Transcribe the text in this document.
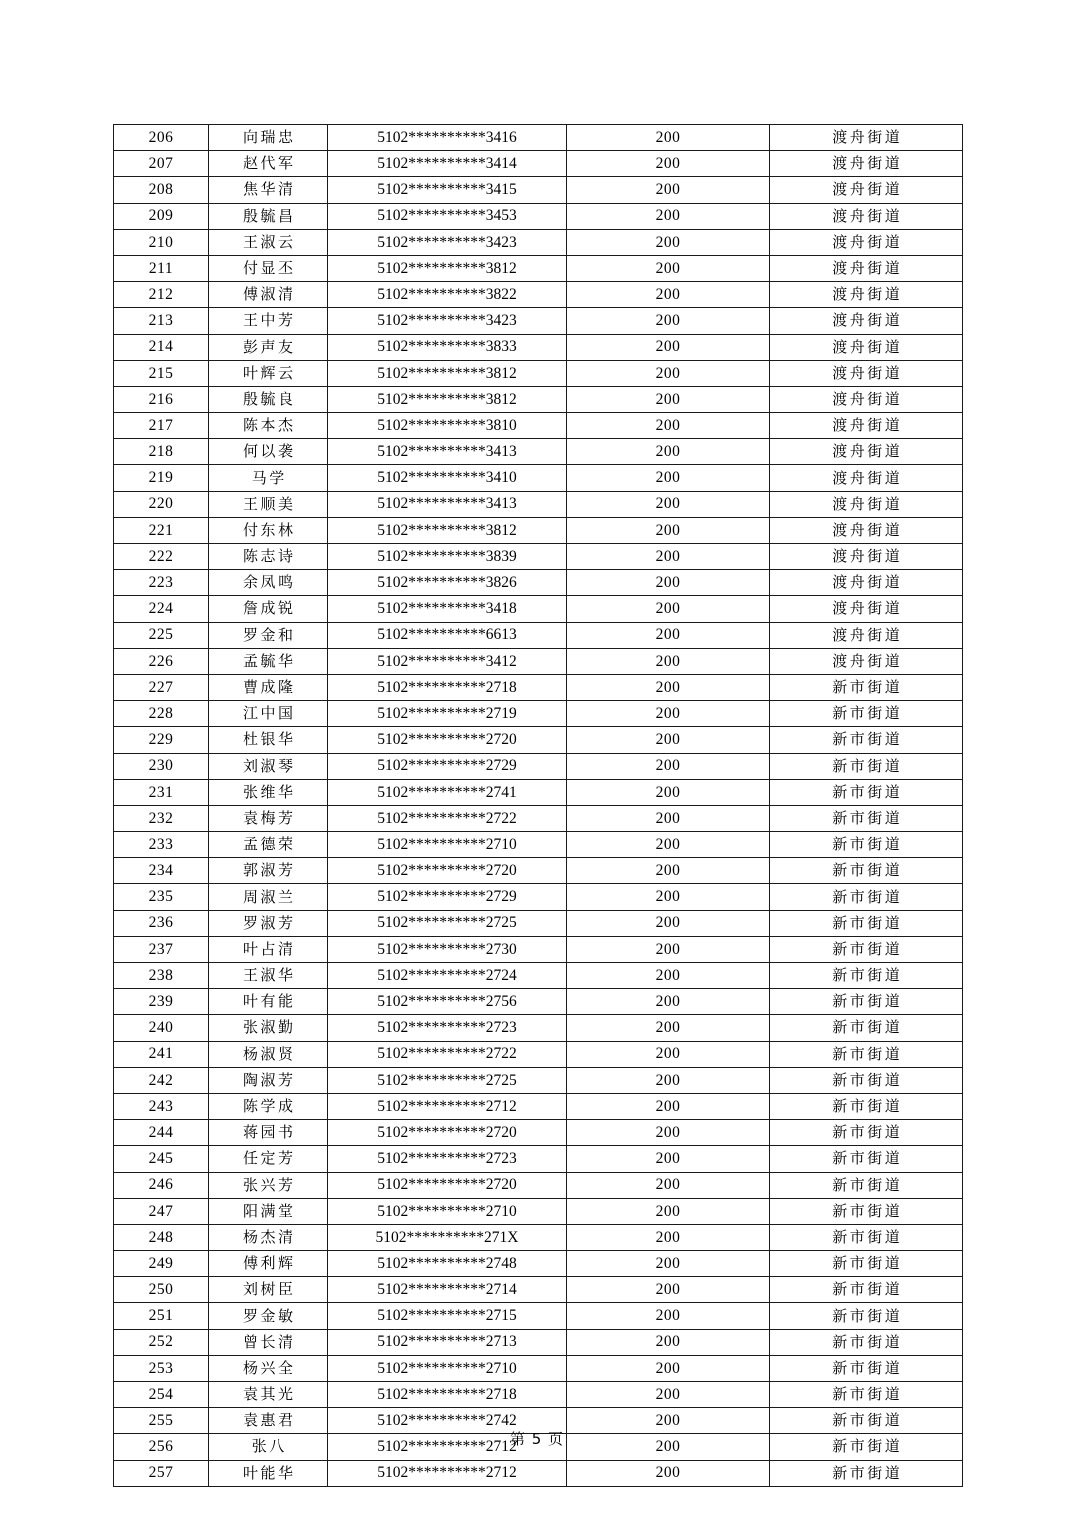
206	向瑞忠	5102**********3416	200	渡舟街道
207	赵代军	5102**********3414	200	渡舟街道
208	焦华清	5102**********3415	200	渡舟街道
209	殷毓昌	5102**********3453	200	渡舟街道
210	王淑云	5102**********3423	200	渡舟街道
211	付显丕	5102**********3812	200	渡舟街道
212	傅淑清	5102**********3822	200	渡舟街道
213	王中芳	5102**********3423	200	渡舟街道
214	彭声友	5102**********3833	200	渡舟街道
215	叶辉云	5102**********3812	200	渡舟街道
216	殷毓良	5102**********3812	200	渡舟街道
217	陈本杰	5102**********3810	200	渡舟街道
218	何以袭	5102**********3413	200	渡舟街道
219	马学	5102**********3410	200	渡舟街道
220	王顺美	5102**********3413	200	渡舟街道
221	付东林	5102**********3812	200	渡舟街道
222	陈志诗	5102**********3839	200	渡舟街道
223	余凤鸣	5102**********3826	200	渡舟街道
224	詹成锐	5102**********3418	200	渡舟街道
225	罗金和	5102**********6613	200	渡舟街道
226	孟毓华	5102**********3412	200	渡舟街道
227	曹成隆	5102**********2718	200	新市街道
228	江中国	5102**********2719	200	新市街道
229	杜银华	5102**********2720	200	新市街道
230	刘淑琴	5102**********2729	200	新市街道
231	张维华	5102**********2741	200	新市街道
232	袁梅芳	5102**********2722	200	新市街道
233	孟德荣	5102**********2710	200	新市街道
234	郭淑芳	5102**********2720	200	新市街道
235	周淑兰	5102**********2729	200	新市街道
236	罗淑芳	5102**********2725	200	新市街道
237	叶占清	5102**********2730	200	新市街道
238	王淑华	5102**********2724	200	新市街道
239	叶有能	5102**********2756	200	新市街道
240	张淑勤	5102**********2723	200	新市街道
241	杨淑贤	5102**********2722	200	新市街道
242	陶淑芳	5102**********2725	200	新市街道
243	陈学成	5102**********2712	200	新市街道
244	蒋园书	5102**********2720	200	新市街道
245	任定芳	5102**********2723	200	新市街道
246	张兴芳	5102**********2720	200	新市街道
247	阳满堂	5102**********2710	200	新市街道
248	杨杰清	5102**********271X	200	新市街道
249	傅利辉	5102**********2748	200	新市街道
250	刘树臣	5102**********2714	200	新市街道
251	罗金敏	5102**********2715	200	新市街道
252	曾长清	5102**********2713	200	新市街道
253	杨兴全	5102**********2710	200	新市街道
254	袁其光	5102**********2718	200	新市街道
255	袁惠君	5102**********2742	200	新市街道
256	张八	5102**********2712	200	新市街道
257	叶能华	5102**********2712	200	新市街道
第 5 页
